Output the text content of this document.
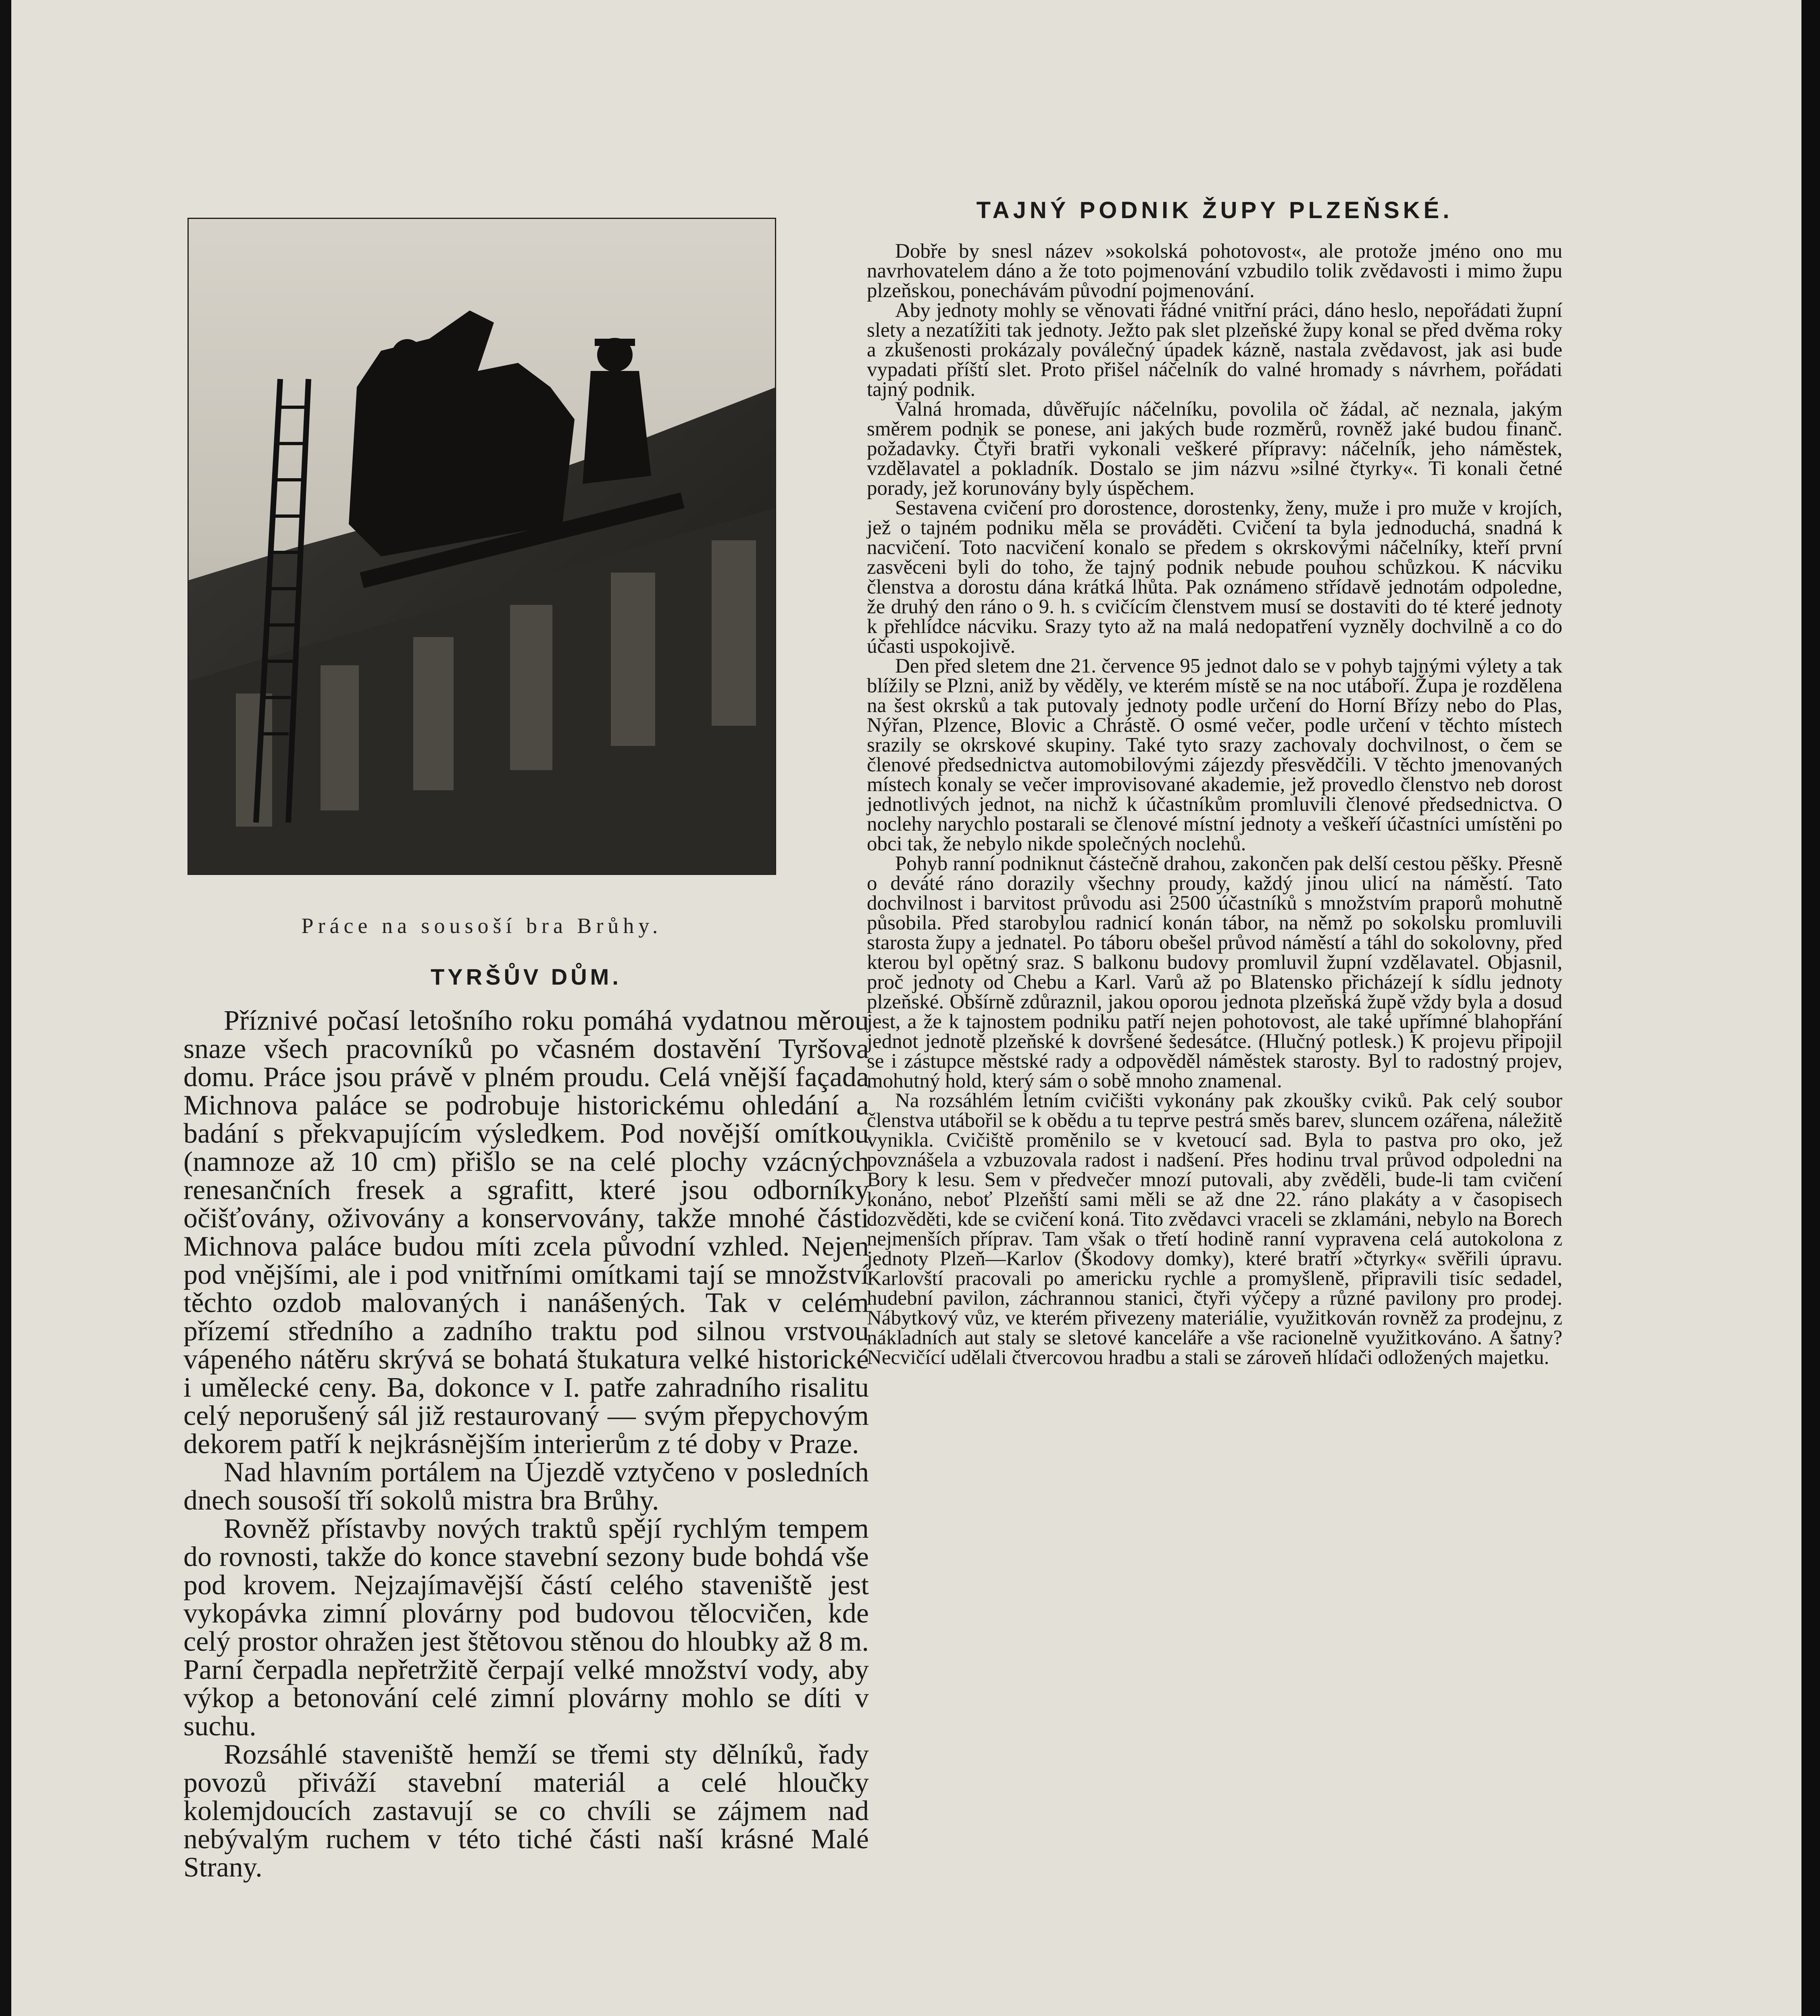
Práce na sousoší bra Brůhy.
TYRŠŮV DŮM.

Příznivé počasí letošního roku pomáhá vydatnou měrou snaze všech pracovníků po včasném dostavění Tyršova domu. Práce jsou právě v plném proudu. Celá vnější façada Michnova paláce se podrobuje historickému ohledání a badání s překvapujícím výsledkem. Pod novější omítkou (namnoze až 10 cm) přišlo se na celé plochy vzácných renesančních fresek a sgrafitt, které jsou odborníky očišťovány, oživovány a konservovány, takže mnohé části Michnova paláce budou míti zcela původní vzhled. Nejen pod vnějšími, ale i pod vnitřními omítkami tají se množství těchto ozdob malovaných i nanášených. Tak v celém přízemí středního a zadního traktu pod silnou vrstvou vápeného nátěru skrývá se bohatá štukatura velké historické i umělecké ceny. Ba, dokonce v I. patře zahradního risalitu celý neporušený sál již restaurovaný — svým přepychovým dekorem patří k nejkrásnějším interierům z té doby v Praze.

Nad hlavním portálem na Újezdě vztyčeno v posledních dnech sousoší tří sokolů mistra bra Brůhy.

Rovněž přístavby nových traktů spějí rychlým tempem do rovnosti, takže do konce stavební sezony bude bohdá vše pod krovem. Nejzajímavější částí celého staveniště jest vykopávka zimní plovárny pod budovou tělocvičen, kde celý prostor ohražen jest štětovou stěnou do hloubky až 8 m. Parní čerpadla nepřetržitě čerpají velké množství vody, aby výkop a betonování celé zimní plovárny mohlo se díti v suchu.

Rozsáhlé staveniště hemží se třemi sty dělníků, řady povozů přiváží stavební materiál a celé hloučky kolemjdoucích zastavují se co chvíli se zájmem nad nebývalým ruchem v této tiché části naší krásné Malé Strany.

TAJNÝ PODNIK ŽUPY PLZEŇSKÉ.

Dobře by snesl název »sokolská pohotovost«, ale protože jméno ono mu navrhovatelem dáno a že toto pojmenování vzbudilo tolik zvědavosti i mimo župu plzeňskou, ponechávám původní pojmenování.

Aby jednoty mohly se věnovati řádné vnitřní práci, dáno heslo, nepořádati župní slety a nezatížiti tak jednoty. Ježto pak slet plzeňské župy konal se před dvěma roky a zkušenosti prokázaly poválečný úpadek kázně, nastala zvědavost, jak asi bude vypadati příští slet. Proto přišel náčelník do valné hromady s návrhem, pořádati tajný podnik.

Valná hromada, důvěřujíc náčelníku, povolila oč žádal, ač neznala, jakým směrem podnik se ponese, ani jakých bude rozměrů, rovněž jaké budou finanč. požadavky. Čtyři bratři vykonali veškeré přípravy: náčelník, jeho náměstek, vzdělavatel a pokladník. Dostalo se jim názvu »silné čtyrky«. Ti konali četné porady, jež korunovány byly úspěchem.

Sestavena cvičení pro dorostence, dorostenky, ženy, muže i pro muže v krojích, jež o tajném podniku měla se prováděti. Cvičení ta byla jednoduchá, snadná k nacvičení. Toto nacvičení konalo se předem s okrskovými náčelníky, kteří první zasvěceni byli do toho, že tajný podnik nebude pouhou schůzkou. K nácviku členstva a dorostu dána krátká lhůta. Pak oznámeno střídavě jednotám odpoledne, že druhý den ráno o 9. h. s cvičícím členstvem musí se dostaviti do té které jednoty k přehlídce nácviku. Srazy tyto až na malá nedopatření vyzněly dochvilně a co do účasti uspokojivě.

Den před sletem dne 21. července 95 jednot dalo se v pohyb tajnými výlety a tak blížily se Plzni, aniž by věděly, ve kterém místě se na noc utáboří. Župa je rozdělena na šest okrsků a tak putovaly jednoty podle určení do Horní Břízy nebo do Plas, Nýřan, Plzence, Blovic a Chrástě. O osmé večer, podle určení v těchto místech srazily se okrskové skupiny. Také tyto srazy zachovaly dochvilnost, o čem se členové předsednictva automobilovými zájezdy přesvědčili. V těchto jmenovaných místech konaly se večer improvisované akademie, jež provedlo členstvo neb dorost jednotlivých jednot, na nichž k účastníkům promluvili členové předsednictva. O noclehy narychlo postarali se členové místní jednoty a veškeří účastníci umístěni po obci tak, že nebylo nikde společných noclehů.

Pohyb ranní podniknut částečně drahou, zakončen pak delší cestou pěšky. Přesně o deváté ráno dorazily všechny proudy, každý jinou ulicí na náměstí. Tato dochvilnost i barvitost průvodu asi 2500 účastníků s množstvím praporů mohutně působila. Před starobylou radnicí konán tábor, na němž po sokolsku promluvili starosta župy a jednatel. Po táboru obešel průvod náměstí a táhl do sokolovny, před kterou byl opětný sraz. S balkonu budovy promluvil župní vzdělavatel. Objasnil, proč jednoty od Chebu a Karl. Varů až po Blatensko přicházejí k sídlu jednoty plzeňské. Obšírně zdůraznil, jakou oporou jednota plzeňská župě vždy byla a dosud jest, a že k tajnostem podniku patří nejen pohotovost, ale také upřímné blahopřání jednot jednotě plzeňské k dovršené šedesátce. (Hlučný potlesk.) K projevu připojil se i zástupce městské rady a odpověděl náměstek starosty. Byl to radostný projev, mohutný hold, který sám o sobě mnoho znamenal.

Na rozsáhlém letním cvičišti vykonány pak zkoušky cviků. Pak celý soubor členstva utábořil se k obědu a tu teprve pestrá směs barev, sluncem ozářena, náležitě vynikla. Cvičiště proměnilo se v kvetoucí sad. Byla to pastva pro oko, jež povznášela a vzbuzovala radost i nadšení. Přes hodinu trval průvod odpoledni na Bory k lesu. Sem v předvečer mnozí putovali, aby zvěděli, bude-li tam cvičení konáno, neboť Plzeňští sami měli se až dne 22. ráno plakáty a v časopisech dozvěděti, kde se cvičení koná. Tito zvědavci vraceli se zklamáni, nebylo na Borech nejmenších příprav. Tam však o třetí hodině ranní vypravena celá autokolona z jednoty Plzeň—Karlov (Škodovy domky), které bratří »čtyrky« svěřili úpravu. Karlovští pracovali po americku rychle a promyšleně, připravili tisíc sedadel, hudební pavilon, záchrannou stanici, čtyři výčepy a různé pavilony pro prodej. Nábytkový vůz, ve kterém přivezeny materiálie, využitkován rovněž za prodejnu, z nákladních aut staly se sletové kanceláře a vše racionelně využitkováno. A šatny? Necvičící udělali čtvercovou hradbu a stali se zároveň hlídači odložených majetku.
